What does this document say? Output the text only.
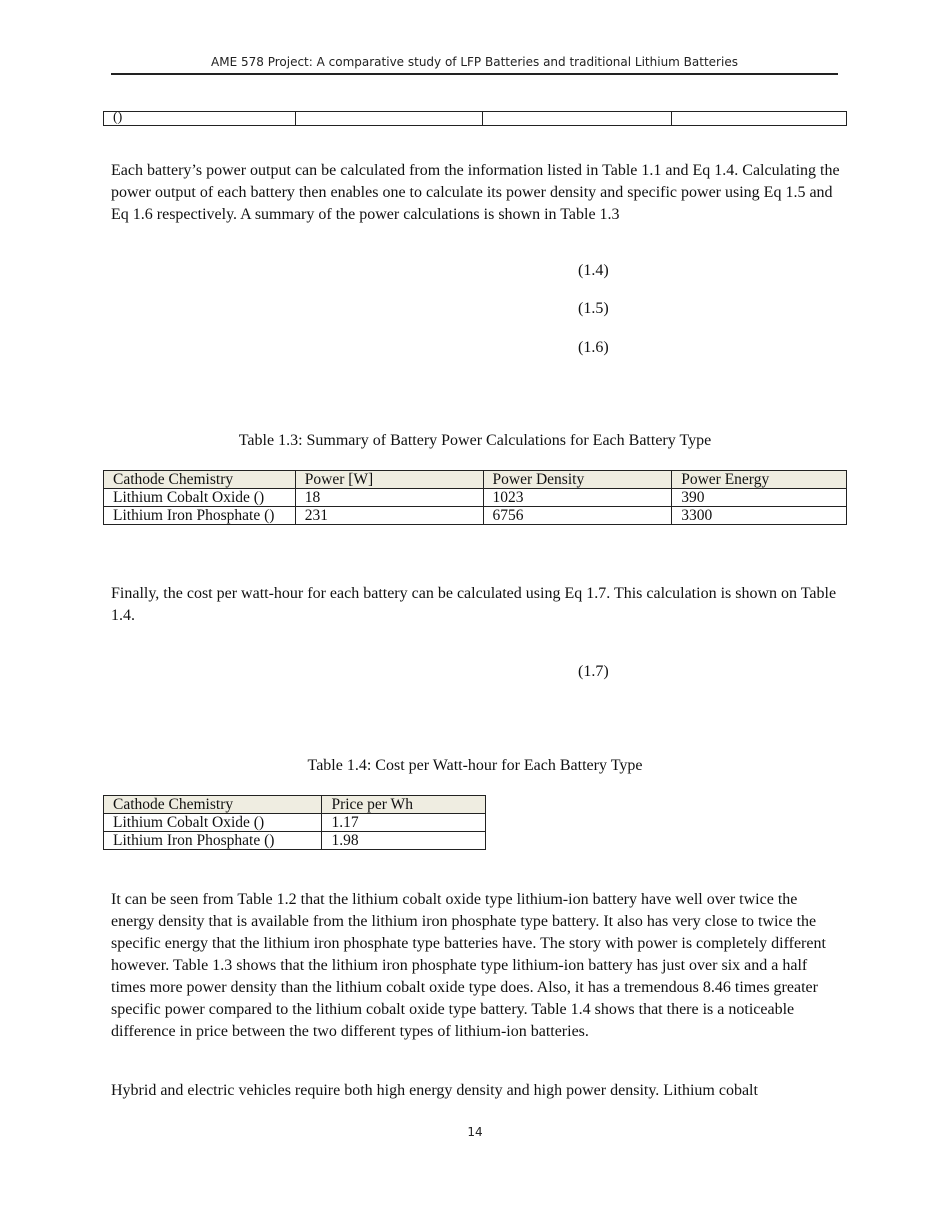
AME 578 Project: A comparative study of LFP Batteries and traditional Lithium Batteries
()			

Each battery’s power output can be calculated from the information listed in Table 1.1 and Eq 1.4. Calculating the power output of each battery then enables one to calculate its power density and specific power using Eq 1.5 and Eq 1.6 respectively. A summary of the power calculations is shown in Table 1.3

(1.4)
(1.5)
(1.6)
Table 1.3: Summary of Battery Power Calculations for Each Battery Type
Cathode Chemistry	Power [W]	Power Density	Power Energy
Lithium Cobalt Oxide ()	18	1023	390
Lithium Iron Phosphate ()	231	6756	3300

Finally, the cost per watt-hour for each battery can be calculated using Eq 1.7. This calculation is shown on Table 1.4.

(1.7)
Table 1.4: Cost per Watt-hour for Each Battery Type
Cathode Chemistry	Price per Wh
Lithium Cobalt Oxide ()	1.17
Lithium Iron Phosphate ()	1.98

It can be seen from Table 1.2 that the lithium cobalt oxide type lithium-ion battery have well over twice the energy density that is available from the lithium iron phosphate type battery. It also has very close to twice the specific energy that the lithium iron phosphate type batteries have. The story with power is completely different however. Table 1.3 shows that the lithium iron phosphate type lithium-ion battery has just over six and a half times more power density than the lithium cobalt oxide type does. Also, it has a tremendous 8.46 times greater specific power compared to the lithium cobalt oxide type battery. Table 1.4 shows that there is a noticeable difference in price between the two different types of lithium-ion batteries.

Hybrid and electric vehicles require both high energy density and high power density. Lithium cobalt

14
